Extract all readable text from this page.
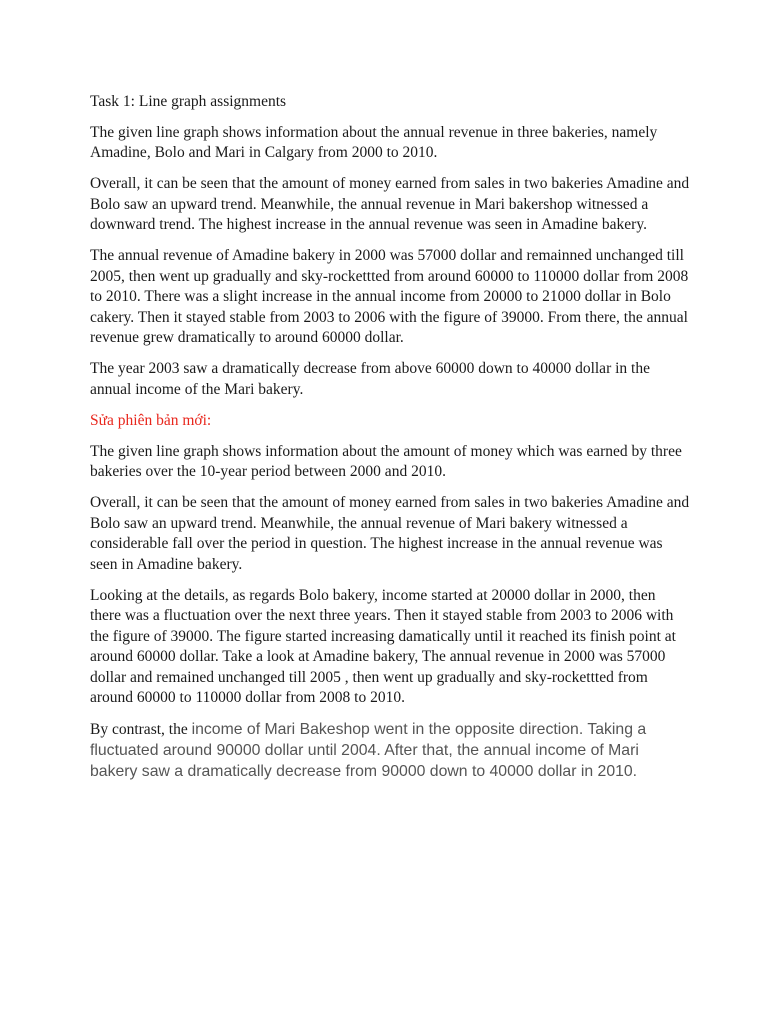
Task 1: Line graph assignments

The given line graph shows information about the annual revenue in three bakeries, namely Amadine, Bolo and Mari in Calgary from 2000 to 2010.

Overall, it can be seen that the amount of money earned from sales in two bakeries Amadine and Bolo saw an upward trend. Meanwhile, the annual revenue in Mari bakershop witnessed a downward trend. The highest increase in the annual revenue was seen in Amadine bakery.

The annual revenue of Amadine bakery in 2000 was 57000 dollar and remainned unchanged till 2005, then went up gradually and sky-rockettted from around 60000 to 110000 dollar from 2008 to 2010. There was a slight increase in the annual income from 20000 to 21000 dollar in Bolo cakery. Then it stayed stable from 2003 to 2006 with the figure of 39000. From there, the annual revenue grew dramatically to around 60000 dollar.

The year 2003 saw a dramatically decrease from above 60000 down to 40000 dollar in the annual income of the Mari bakery.

Sửa phiên bản mới:

The given line graph shows information about the amount of money which was earned by three bakeries over the 10-year period between 2000 and 2010.

Overall, it can be seen that the amount of money earned from sales in two bakeries Amadine and Bolo saw an upward trend. Meanwhile, the annual revenue of Mari bakery witnessed a considerable fall over the period in question. The highest increase in the annual revenue was seen in Amadine bakery.

Looking at the details, as regards Bolo bakery, income started at 20000 dollar in 2000, then there was a fluctuation over the next three years. Then it stayed stable from 2003 to 2006 with the figure of 39000. The figure started increasing damatically until it reached its finish point at around 60000 dollar. Take a look at Amadine bakery, The annual revenue in 2000 was 57000 dollar and remained unchanged till 2005 , then went up gradually and sky-rockettted from around 60000 to 110000 dollar from 2008 to 2010.

By contrast, the income of Mari Bakeshop went in the opposite direction. Taking a fluctuated around 90000 dollar until 2004. After that, the annual income of Mari bakery saw a dramatically decrease from 90000 down to 40000 dollar in 2010.
